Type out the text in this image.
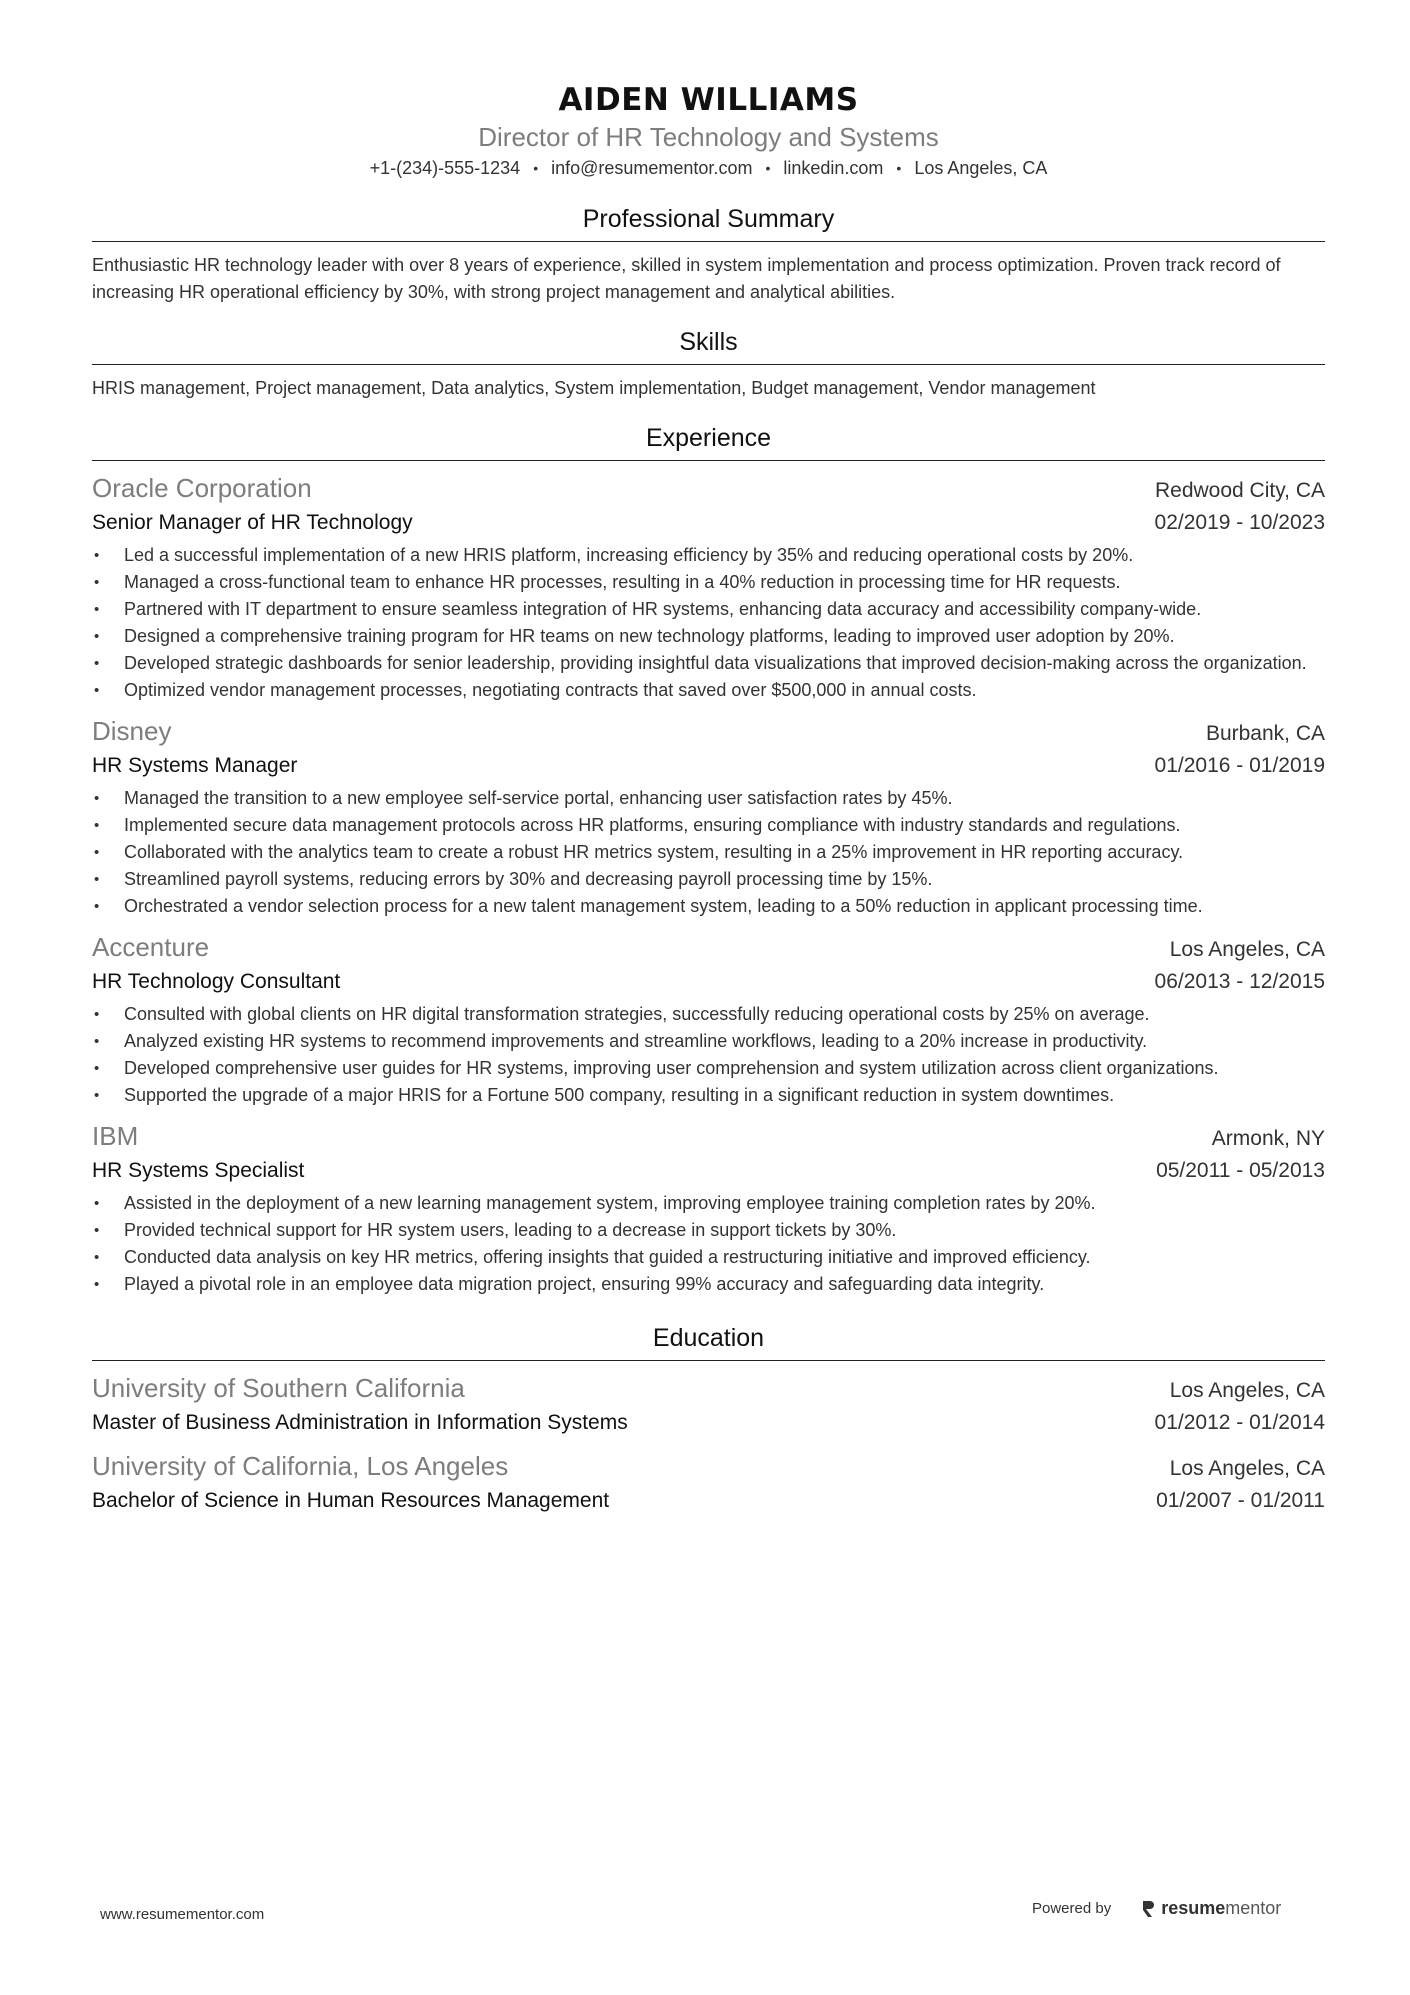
AIDEN WILLIAMS
Director of HR Technology and Systems
+1-(234)-555-1234 • info@resumementor.com • linkedin.com • Los Angeles, CA
Professional Summary
Enthusiastic HR technology leader with over 8 years of experience, skilled in system implementation and process optimization. Proven track record of increasing HR operational efficiency by 30%, with strong project management and analytical abilities.
Skills
HRIS management, Project management, Data analytics, System implementation, Budget management, Vendor management
Experience
Oracle Corporation	Redwood City, CA
Senior Manager of HR Technology	02/2019 - 10/2023
• Led a successful implementation of a new HRIS platform, increasing efficiency by 35% and reducing operational costs by 20%.
• Managed a cross-functional team to enhance HR processes, resulting in a 40% reduction in processing time for HR requests.
• Partnered with IT department to ensure seamless integration of HR systems, enhancing data accuracy and accessibility company-wide.
• Designed a comprehensive training program for HR teams on new technology platforms, leading to improved user adoption by 20%.
• Developed strategic dashboards for senior leadership, providing insightful data visualizations that improved decision-making across the organization.
• Optimized vendor management processes, negotiating contracts that saved over $500,000 in annual costs.
Disney	Burbank, CA
HR Systems Manager	01/2016 - 01/2019
• Managed the transition to a new employee self-service portal, enhancing user satisfaction rates by 45%.
• Implemented secure data management protocols across HR platforms, ensuring compliance with industry standards and regulations.
• Collaborated with the analytics team to create a robust HR metrics system, resulting in a 25% improvement in HR reporting accuracy.
• Streamlined payroll systems, reducing errors by 30% and decreasing payroll processing time by 15%.
• Orchestrated a vendor selection process for a new talent management system, leading to a 50% reduction in applicant processing time.
Accenture	Los Angeles, CA
HR Technology Consultant	06/2013 - 12/2015
• Consulted with global clients on HR digital transformation strategies, successfully reducing operational costs by 25% on average.
• Analyzed existing HR systems to recommend improvements and streamline workflows, leading to a 20% increase in productivity.
• Developed comprehensive user guides for HR systems, improving user comprehension and system utilization across client organizations.
• Supported the upgrade of a major HRIS for a Fortune 500 company, resulting in a significant reduction in system downtimes.
IBM	Armonk, NY
HR Systems Specialist	05/2011 - 05/2013
• Assisted in the deployment of a new learning management system, improving employee training completion rates by 20%.
• Provided technical support for HR system users, leading to a decrease in support tickets by 30%.
• Conducted data analysis on key HR metrics, offering insights that guided a restructuring initiative and improved efficiency.
• Played a pivotal role in an employee data migration project, ensuring 99% accuracy and safeguarding data integrity.
Education
University of Southern California	Los Angeles, CA
Master of Business Administration in Information Systems	01/2012 - 01/2014
University of California, Los Angeles	Los Angeles, CA
Bachelor of Science in Human Resources Management	01/2007 - 01/2011
www.resumementor.com	Powered by	resumementor
